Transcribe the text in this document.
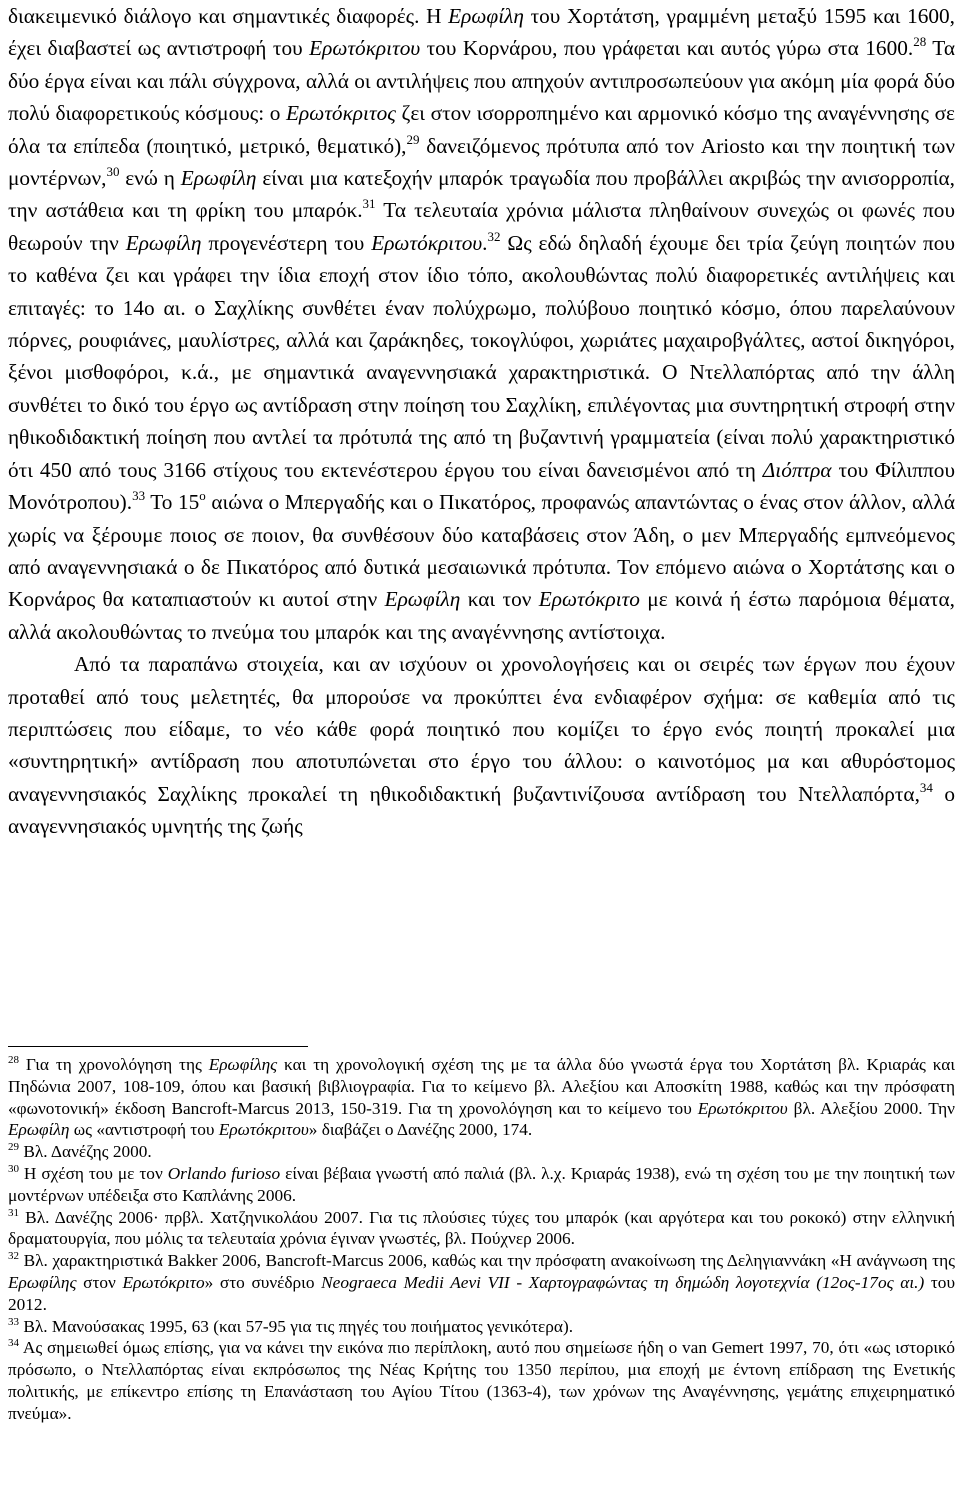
διακειμενικό διάλογο και σημαντικές διαφορές. Η Ερωφίλη του Χορτάτση, γραμμένη μεταξύ 1595 και 1600, έχει διαβαστεί ως αντιστροφή του Ερωτόκριτου του Κορνάρου, που γράφεται και αυτός γύρω στα 1600.28 Τα δύο έργα είναι και πάλι σύγχρονα, αλλά οι αντιλήψεις που απηχούν αντιπροσωπεύουν για ακόμη μία φορά δύο πολύ διαφορετικούς κόσμους: ο Ερωτόκριτος ζει στον ισορροπημένο και αρμονικό κόσμο της αναγέννησης σε όλα τα επίπεδα (ποιητικό, μετρικό, θεματικό),$^{29}$ δανειζόμενος πρότυπα από τον Ariosto και την ποιητική των μοντέρνων,$^{30}$ ενώ η Ερωφίλη είναι μια κατεξοχήν μπαρόκ τραγωδία που προβάλλει ακριβώς την ανισορροπία, την αστάθεια και τη φρίκη του μπαρόκ.$^{31}$ Τα τελευταία χρόνια μάλιστα πληθαίνουν συνεχώς οι φωνές που θεωρούν την Ερωφίλη προγενέστερη του Ερωτόκριτου.$^{32}$ Ως εδώ δηλαδή έχουμε δει τρία ζεύγη ποιητών που το καθένα ζει και γράφει την ίδια εποχή στον ίδιο τόπο, ακολουθώντας πολύ διαφορετικές αντιλήψεις και επιταγές: το 14ο αι. ο Σαχλίκης συνθέτει έναν πολύχρωμο, πολύβουο ποιητικό κόσμο, όπου παρελαύνουν πόρνες, ρουφιάνες, μαυλίστρες, αλλά και ζαράκηδες, τοκογλύφοι, χωριάτες μαχαιροβγάλτες, αστοί δικηγόροι, ξένοι μισθοφόροι, κ.ά., με σημαντικά αναγεννησιακά χαρακτηριστικά. Ο Ντελλαπόρτας από την άλλη συνθέτει το δικό του έργο ως αντίδραση στην ποίηση του Σαχλίκη, επιλέγοντας μια συντηρητική στροφή στην ηθικοδιδακτική ποίηση που αντλεί τα πρότυπά της από τη βυζαντινή γραμματεία (είναι πολύ χαρακτηριστικό ότι 450 από τους 3166 στίχους του εκτενέστερου έργου του είναι δανεισμένοι από τη Διόπτρα του Φίλιππου Μονότροπου).$^{33}$ Το $15^o$ αιώνα ο Μπεργαδής και ο Πικατόρος, προφανώς απαντώντας ο ένας στον άλλον, αλλά χωρίς να ξέρουμε ποιος σε ποιον, θα συνθέσουν δύο καταβάσεις στον Άδη, ο μεν Μπεργαδής εμπνεόμενος από αναγεννησιακά ο δε Πικατόρος από δυτικά μεσαιωνικά πρότυπα. Τον επόμενο αιώνα ο Χορτάτσης και ο Κορνάρος θα καταπιαστούν κι αυτοί στην Ερωφίλη και τον Ερωτόκριτο με κοινά ή έστω παρόμοια θέματα, αλλά ακολουθώντας το πνεύμα του μπαρόκ και της αναγέννησης αντίστοιχα.

Από τα παραπάνω στοιχεία, και αν ισχύουν οι χρονολογήσεις και οι σειρές των έργων που έχουν προταθεί από τους μελετητές, θα μπορούσε να προκύπτει ένα ενδιαφέρον σχήμα: σε καθεμία από τις περιπτώσεις που είδαμε, το νέο κάθε φορά ποιητικό που κομίζει το έργο ενός ποιητή προκαλεί μια «συντηρητική» αντίδραση που αποτυπώνεται στο έργο του άλλου: ο καινοτόμος μα και αθυρόστομος αναγεννησιακός Σαχλίκης προκαλεί τη ηθικοδιδακτική βυζαντινίζουσα αντίδραση του Ντελλαπόρτα,$^{34}$ ο αναγεννησιακός υμνητής της ζωής

$^{28}$ Για τη χρονολόγηση της Ερωφίλης και τη χρονολογική σχέση της με τα άλλα δύο γνωστά έργα του Χορτάτση βλ. Κριαράς και Πηδώνια 2007, 108-109, όπου και βασική βιβλιογραφία. Για το κείμενο βλ. Αλεξίου και Αποσκίτη 1988, καθώς και την πρόσφατη «φωνοτονική» έκδοση Bancroft-Marcus 2013, 150-319. Για τη χρονολόγηση και το κείμενο του Ερωτόκριτου βλ. Αλεξίου 2000. Την Ερωφίλη ως «αντιστροφή του Ερωτόκριτου» διαβάζει ο Δανέζης 2000, 174.

$^{29}$ Βλ. Δανέζης 2000.

$^{30}$ Η σχέση του με τον Orlando furioso είναι βέβαια γνωστή από παλιά (βλ. λ.χ. Κριαράς 1938), ενώ τη σχέση του με την ποιητική των μοντέρνων υπέδειξα στο Καπλάνης 2006.

$^{31}$ Βλ. Δανέζης 2006· πρβλ. Χατζηνικολάου 2007. Για τις πλούσιες τύχες του μπαρόκ (και αργότερα και του ροκοκό) στην ελληνική δραματουργία, που μόλις τα τελευταία χρόνια έγιναν γνωστές, βλ. Πούχνερ 2006.

$^{32}$ Βλ. χαρακτηριστικά Bakker 2006, Bancroft-Marcus 2006, καθώς και την πρόσφατη ανακοίνωση της Δεληγιαννάκη «Η ανάγνωση της Ερωφίλης στον Ερωτόκριτο» στο συνέδριο Neograeca Medii Aevi VII - Χαρτογραφώντας τη δημώδη λογοτεχνία (12ος-17ος αι.) του 2012.

$^{33}$ Βλ. Μανούσακας 1995, 63 (και 57-95 για τις πηγές του ποιήματος γενικότερα).

$^{34}$ Ας σημειωθεί όμως επίσης, για να κάνει την εικόνα πιο περίπλοκη, αυτό που σημείωσε ήδη ο van Gemert 1997, 70, ότι «ως ιστορικό πρόσωπο, ο Ντελλαπόρτας είναι εκπρόσωπος της Νέας Κρήτης του 1350 περίπου, μια εποχή με έντονη επίδραση της Ενετικής πολιτικής, με επίκεντρο επίσης τη Επανάσταση του Αγίου Τίτου (1363-4), των χρόνων της Αναγέννησης, γεμάτης επιχειρηματικό πνεύμα».
